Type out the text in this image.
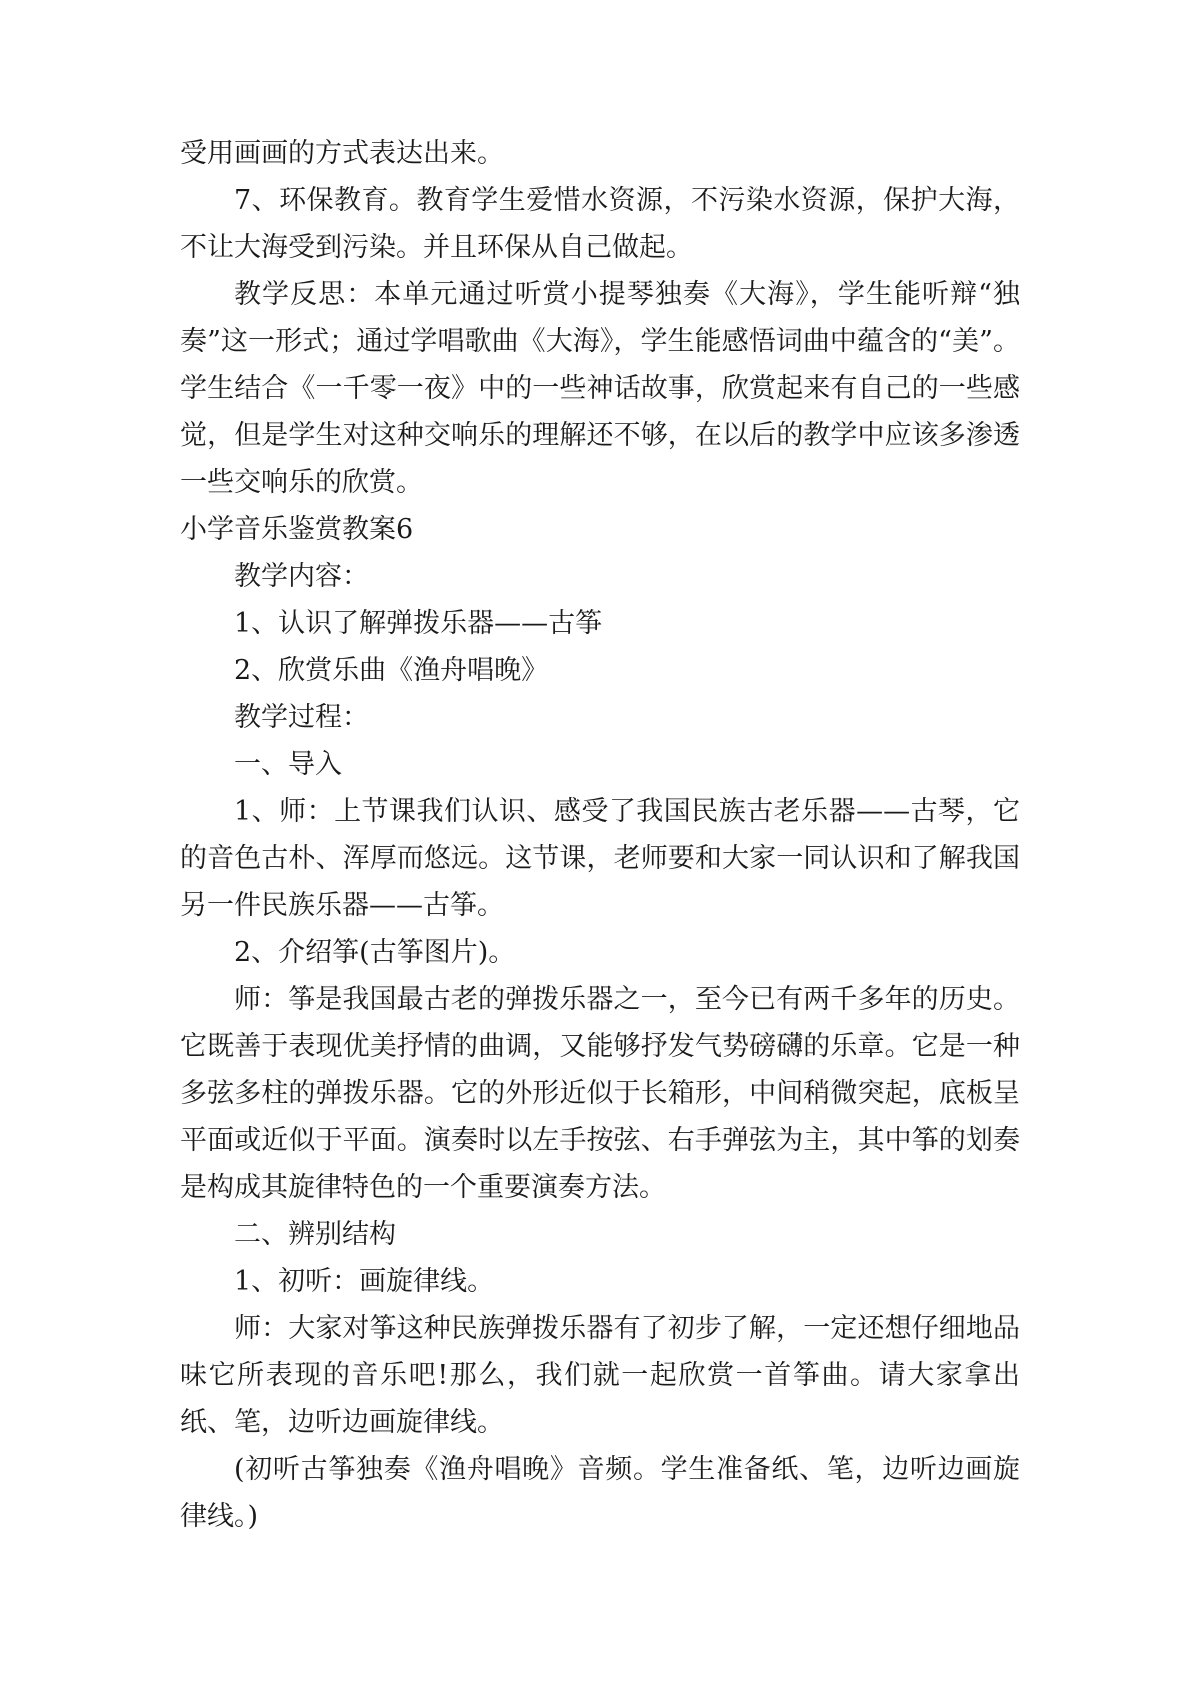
受用画画的方式表达出来。

7、环保教育。教育学生爱惜水资源，不污染水资源，保护大海，不让大海受到污染。并且环保从自己做起。

教学反思：本单元通过听赏小提琴独奏《大海》，学生能听辩“独奏”这一形式；通过学唱歌曲《大海》，学生能感悟词曲中蕴含的“美”。学生结合《一千零一夜》中的一些神话故事，欣赏起来有自己的一些感觉，但是学生对这种交响乐的理解还不够，在以后的教学中应该多渗透一些交响乐的欣赏。

小学音乐鉴赏教案6

教学内容：

1、认识了解弹拨乐器——古筝

2、欣赏乐曲《渔舟唱晚》

教学过程：

一、导入

1、师：上节课我们认识、感受了我国民族古老乐器——古琴，它的音色古朴、浑厚而悠远。这节课，老师要和大家一同认识和了解我国另一件民族乐器——古筝。

2、介绍筝(古筝图片)。

师：筝是我国最古老的弹拨乐器之一，至今已有两千多年的历史。它既善于表现优美抒情的曲调，又能够抒发气势磅礴的乐章。它是一种多弦多柱的弹拨乐器。它的外形近似于长箱形，中间稍微突起，底板呈平面或近似于平面。演奏时以左手按弦、右手弹弦为主，其中筝的划奏是构成其旋律特色的一个重要演奏方法。

二、辨别结构

1、初听：画旋律线。

师：大家对筝这种民族弹拨乐器有了初步了解，一定还想仔细地品味它所表现的音乐吧!那么，我们就一起欣赏一首筝曲。请大家拿出纸、笔，边听边画旋律线。

(初听古筝独奏《渔舟唱晚》音频。学生准备纸、笔，边听边画旋律线。)
